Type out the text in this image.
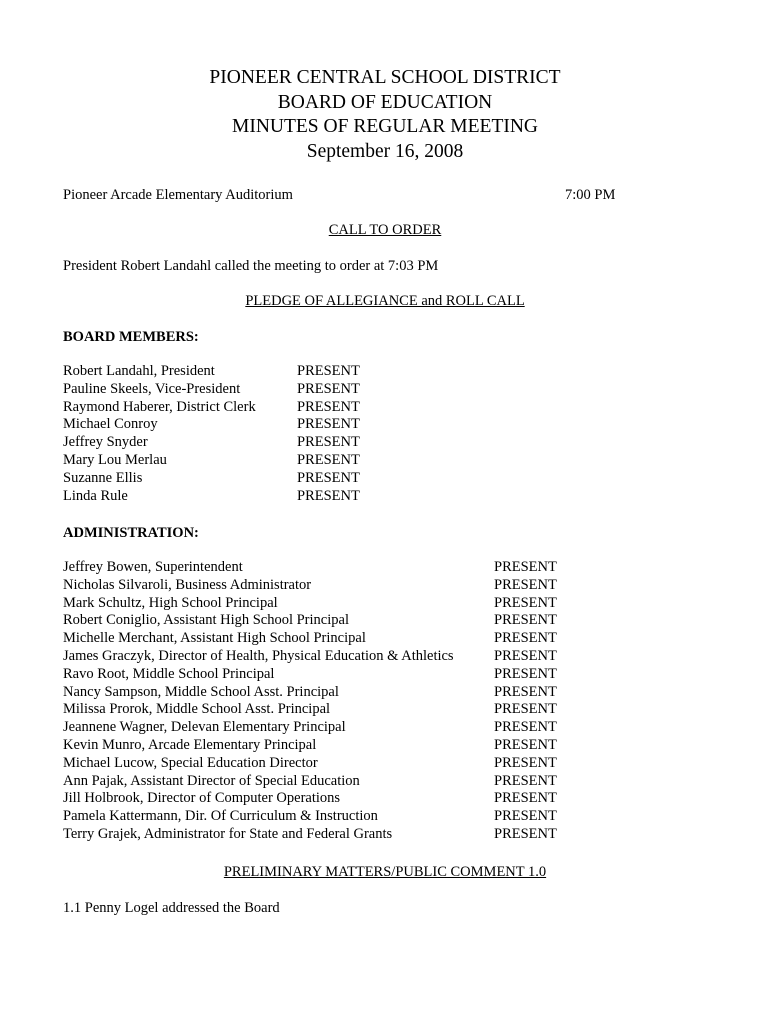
PIONEER CENTRAL SCHOOL DISTRICT
BOARD OF EDUCATION
MINUTES OF REGULAR MEETING
September 16, 2008
Pioneer Arcade Elementary Auditorium	7:00 PM
CALL TO ORDER
President Robert Landahl called the meeting to order at 7:03 PM
PLEDGE OF ALLEGIANCE and ROLL CALL
BOARD MEMBERS:
Robert Landahl, President	PRESENT
Pauline Skeels, Vice-President	PRESENT
Raymond Haberer, District Clerk	PRESENT
Michael Conroy	PRESENT
Jeffrey Snyder	PRESENT
Mary Lou Merlau	PRESENT
Suzanne Ellis	PRESENT
Linda Rule	PRESENT
ADMINISTRATION:
Jeffrey Bowen, Superintendent	PRESENT
Nicholas Silvaroli, Business Administrator	PRESENT
Mark Schultz, High School Principal	PRESENT
Robert Coniglio, Assistant High School Principal	PRESENT
Michelle Merchant, Assistant High School Principal	PRESENT
James Graczyk, Director of Health, Physical Education & Athletics	PRESENT
Ravo Root, Middle School Principal	PRESENT
Nancy Sampson, Middle School Asst. Principal	PRESENT
Milissa Prorok, Middle School Asst. Principal	PRESENT
Jeannene Wagner, Delevan Elementary Principal	PRESENT
Kevin Munro, Arcade Elementary Principal	PRESENT
Michael Lucow, Special Education Director	PRESENT
Ann Pajak, Assistant Director of Special Education	PRESENT
Jill Holbrook, Director of Computer Operations	PRESENT
Pamela Kattermann, Dir. Of Curriculum & Instruction	PRESENT
Terry Grajek, Administrator for State and Federal Grants	PRESENT
PRELIMINARY MATTERS/PUBLIC COMMENT 1.0
1.1 Penny Logel addressed the Board
